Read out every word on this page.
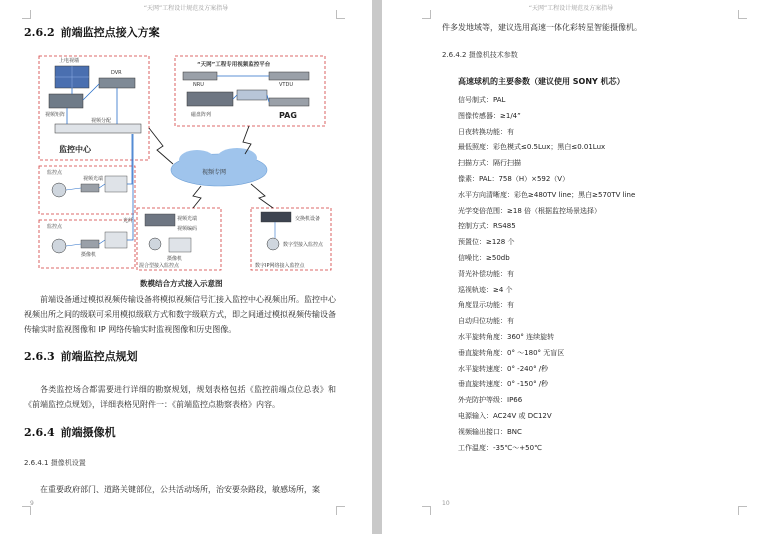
“天网”工程设计规范及方案指导
2.6.2 前端监控点接入方案
上电视墙
DVR
视频矩阵
视频分配
监控中心
“天网”工程专用视频监控平台
NRU	VTDU
磁盘阵列	PAG
视频专网
监控点
视频光端
光纤
监控点
摄像机
视频光端
视频编码
摄像机
混合型接入监控点
交换机设备
数字型接入监控点
数字IP网络接入监控点
数模结合方式接入示意图
前端设备通过模拟视频传输设备将模拟视频信号汇接入监控中心视频出所。监控中心视频出所之间的级联可采用模拟级联方式和数字级联方式，即之间通过模拟视频传输设备传输实时监视图像和 IP 网络传输实时监视图像和历史图像。
2.6.3 前端监控点规划
各类监控场合都需要进行详细的勘察规划，规划表格包括《监控前端点位总表》和《前端监控点规划》，详细表格见附件一：《前端监控点勘察表格》内容。
2.6.4 前端摄像机
2.6.4.1 摄像机设置
在重要政府部门、道路关键部位，公共活动场所，治安要杂路段，敏感场所，案
9
“天网”工程设计规范及方案指导
件多发地域等，建议选用高速一体化彩转星智能摄像机。
2.6.4.2 摄像机技术参数
高速球机的主要参数（建议使用 SONY 机芯）
信号制式：PAL
图像传感器：≥1/4”
日夜转换功能：有
最低照度：彩色模式≤0.5Lux；黑白≤0.01Lux
扫描方式：隔行扫描
像素：PAL：758（H）×592（V）
水平方向清晰度：彩色≥480TV line；黑白≥570TV line
光学变倍范围：≥18 倍（根据监控场景选择）
控制方式：RS485
预置位：≥128 个
信噪比：≥50db
背光补偿功能：有
巡视轨迹：≥4 个
角度显示功能：有
自动归位功能：有
水平旋转角度：360° 连续旋转
垂直旋转角度：0° ～180° 无盲区
水平旋转速度：0° -240° /秒
垂直旋转速度：0° -150° /秒
外壳防护等级：IP66
电源输入：AC24V 或 DC12V
视频输出接口：BNC
工作温度：-35℃～+50℃
10
